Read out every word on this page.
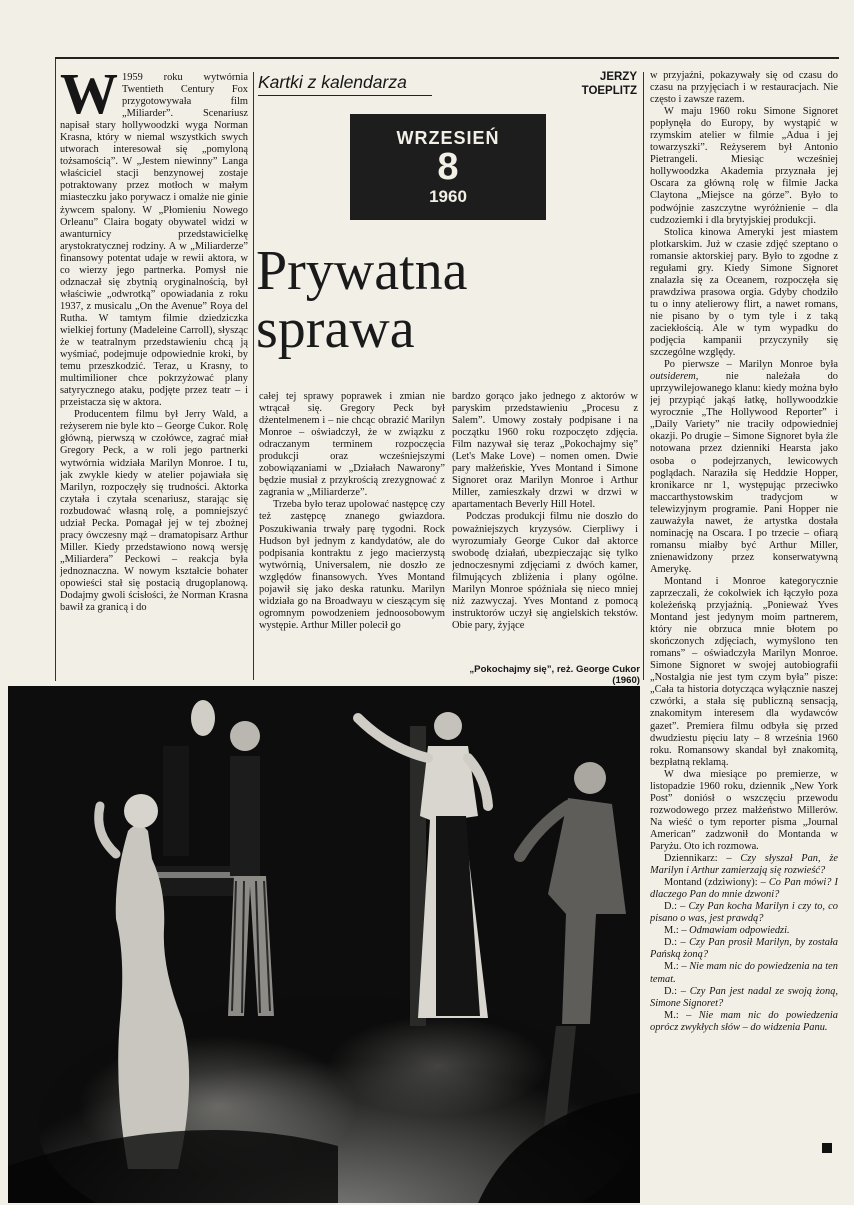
W 1959 roku wytwórnia Twentieth Century Fox przygotowywała film „Miliarder”. Scenariusz napisał stary hollywoodzki wyga Norman Krasna, który w niemal wszystkich swych utworach interesował się „pomyloną tożsamością”. W „Jestem niewinny” Langa właściciel stacji benzynowej zostaje potraktowany przez motłoch w małym miasteczku jako porywacz i omalże nie ginie żywcem spalony. W „Płomieniu Nowego Orleanu” Claira bogaty obywatel widzi w awanturnicy przedstawicielkę arystokratycznej rodziny. A w „Miliarderze” finansowy potentat udaje w rewii aktora, w co wierzy jego partnerka. Pomysł nie odznaczał się zbytnią oryginalnością, był właściwie „odwrotką” opowiadania z roku 1937, z musicalu „On the Avenue” Roya del Rutha. W tamtym filmie dziedziczka wielkiej fortuny (Madeleine Carroll), słysząc że w teatralnym przedstawieniu chcą ją wyśmiać, podejmuje odpowiednie kroki, by temu przeszkodzić. Teraz, u Krasny, to multimilioner chce pokrzyżować plany satyrycznego ataku, podjęte przez teatr – i przeistacza się w aktora.

Producentem filmu był Jerry Wald, a reżyserem nie byle kto – George Cukor. Rolę główną, pierwszą w czołówce, zagrać miał Gregory Peck, a w roli jego partnerki wytwórnia widziała Marilyn Monroe. I tu, jak zwykle kiedy w atelier pojawiała się Marilyn, rozpoczęły się trudności. Aktorka czytała i czytała scenariusz, starając się rozbudować własną rolę, a pomniejszyć udział Pecka. Pomagał jej w tej zbożnej pracy ówczesny mąż – dramatopisarz Arthur Miller. Kiedy przedstawiono nową wersję „Miliardera” Peckowi – reakcja była jednoznaczna. W nowym kształcie bohater opowieści stał się postacią drugoplanową. Dodajmy gwoli ścisłości, że Norman Krasna bawił za granicą i do

Kartki z kalendarza	JERZY
TOEPLITZ
WRZESIEŃ
8
1960
Prywatna
sprawa

całej tej sprawy poprawek i zmian nie wtrącał się. Gregory Peck był dżentelmenem i – nie chcąc obrazić Marilyn Monroe – oświadczył, że w związku z odraczanym terminem rozpoczęcia produkcji oraz wcześniejszymi zobowiązaniami w „Działach Nawarony” będzie musiał z przykrością zrezygnować z zagrania w „Miliarderze”.

Trzeba było teraz upolować następcę czy też zastępcę znanego gwiazdora. Poszukiwania trwały parę tygodni. Rock Hudson był jednym z kandydatów, ale do podpisania kontraktu z jego macierzystą wytwórnią, Universalem, nie doszło ze względów finansowych. Yves Montand pojawił się jako deska ratunku. Marilyn widziała go na Broadwayu w cieszącym się ogromnym powodzeniem jednoosobowym występie. Arthur Miller polecił go

bardzo gorąco jako jednego z aktorów w paryskim przedstawieniu „Procesu z Salem”. Umowy zostały podpisane i na początku 1960 roku rozpoczęto zdjęcia. Film nazywał się teraz „Pokochajmy się” (Let's Make Love) – nomen omen. Dwie pary małżeńskie, Yves Montand i Simone Signoret oraz Marilyn Monroe i Arthur Miller, zamieszkały drzwi w drzwi w apartamentach Beverly Hill Hotel.

Podczas produkcji filmu nie doszło do poważniejszych kryzysów. Cierpliwy i wyrozumiały George Cukor dał aktorce swobodę działań, ubezpieczając się tylko jednoczesnymi zdjęciami z dwóch kamer, filmujących zbliżenia i plany ogólne. Marilyn Monroe spóźniała się nieco mniej niż zazwyczaj. Yves Montand z pomocą instruktorów uczył się angielskich tekstów. Obie pary, żyjące

w przyjaźni, pokazywały się od czasu do czasu na przyjęciach i w restauracjach. Nie często i zawsze razem.

W maju 1960 roku Simone Signoret popłynęła do Europy, by wystąpić w rzymskim atelier w filmie „Adua i jej towarzyszki”. Reżyserem był Antonio Pietrangeli. Miesiąc wcześniej hollywoodzka Akademia przyznała jej Oscara za główną rolę w filmie Jacka Claytona „Miejsce na górze”. Było to podwójnie zaszczytne wyróżnienie – dla cudzoziemki i dla brytyjskiej produkcji.

Stolica kinowa Ameryki jest miastem plotkarskim. Już w czasie zdjęć szeptano o romansie aktorskiej pary. Było to zgodne z regułami gry. Kiedy Simone Signoret znalazła się za Oceanem, rozpoczęła się prawdziwa prasowa orgia. Gdyby chodziło tu o inny atelierowy flirt, a nawet romans, nie pisano by o tym tyle i z taką zaciekłością. Ale w tym wypadku do podjęcia kampanii przyczyniły się szczególne względy.

Po pierwsze – Marilyn Monroe była outsiderem, nie należała do uprzywilejowanego klanu: kiedy można było jej przypiąć jakąś łatkę, hollywoodzkie wyrocznie „The Hollywood Reporter” i „Daily Variety” nie traciły odpowiedniej okazji. Po drugie – Simone Signoret była źle notowana przez dzienniki Hearsta jako osoba o podejrzanych, lewicowych poglądach. Naraziła się Heddzie Hopper, kronikarce nr 1, występując przeciwko maccarthystowskim tradycjom w telewizyjnym programie. Pani Hopper nie zauważyła nawet, że artystka dostała nominację na Oscara. I po trzecie – ofiarą romansu miałby być Arthur Miller, znienawidzony przez konserwatywną Amerykę.

Montand i Monroe kategorycznie zaprzeczali, że cokolwiek ich łączyło poza koleżeńską przyjaźnią. „Ponieważ Yves Montand jest jedynym moim partnerem, który nie obrzuca mnie błotem po skończonych zdjęciach, wymyślono ten romans” – oświadczyła Marilyn Monroe. Simone Signoret w swojej autobiografii „Nostalgia nie jest tym czym była” pisze: „Cała ta historia dotycząca wyłącznie naszej czwórki, a stała się publiczną sensacją, znakomitym interesem dla wydawców gazet”. Premiera filmu odbyła się przed dwudziestu pięciu laty – 8 września 1960 roku. Romansowy skandal był znakomitą, bezpłatną reklamą.

W dwa miesiące po premierze, w listopadzie 1960 roku, dziennik „New York Post” doniósł o wszczęciu przewodu rozwodowego przez małżeństwo Millerów. Na wieść o tym reporter pisma „Journal American” zadzwonił do Montanda w Paryżu. Oto ich rozmowa.

Dziennikarz: – Czy słyszał Pan, że Marilyn i Arthur zamierzają się rozwieść?

Montand (zdziwiony): – Co Pan mówi? I dlaczego Pan do mnie dzwoni?

D.: – Czy Pan kocha Marilyn i czy to, co pisano o was, jest prawdą?

M.: – Odmawiam odpowiedzi.

D.: – Czy Pan prosił Marilyn, by została Pańską żoną?

M.: – Nie mam nic do powiedzenia na ten temat.

D.: – Czy Pan jest nadal ze swoją żoną, Simone Signoret?

M.: – Nie mam nic do powiedzenia oprócz zwykłych słów – do widzenia Panu.

„Pokochajmy się”, reż. George Cukor (1960)
